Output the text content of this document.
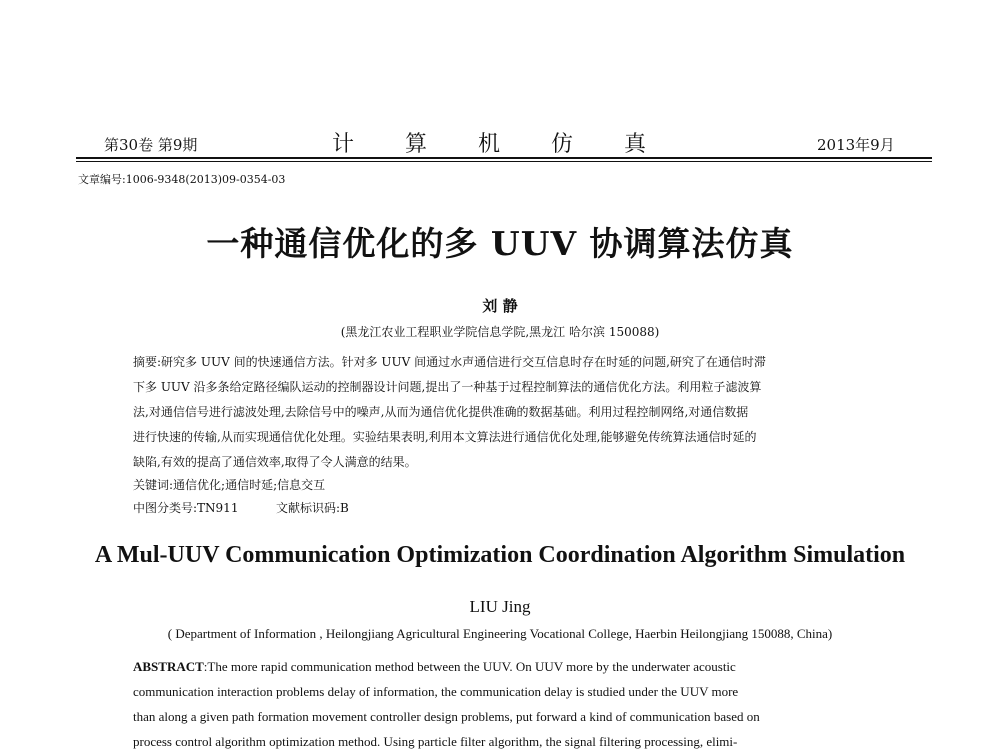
第30卷 第9期	计 算 机 仿 真	2013年9月
文章编号:1006-9348(2013)09-0354-03
一种通信优化的多 UUV 协调算法仿真
刘 静
(黑龙江农业工程职业学院信息学院,黑龙江 哈尔滨 150088)
摘要:研究多 UUV 间的快速通信方法。针对多 UUV 间通过水声通信进行交互信息时存在时延的问题,研究了在通信时滞
下多 UUV 沿多条给定路径编队运动的控制器设计问题,提出了一种基于过程控制算法的通信优化方法。利用粒子滤波算
法,对通信信号进行滤波处理,去除信号中的噪声,从而为通信优化提供准确的数据基础。利用过程控制网络,对通信数据
进行快速的传输,从而实现通信优化处理。实验结果表明,利用本文算法进行通信优化处理,能够避免传统算法通信时延的
缺陷,有效的提高了通信效率,取得了令人满意的结果。
关键词:通信优化;通信时延;信息交互
中图分类号:TN911	文献标识码:B
A Mul-UUV Communication Optimization Coordination Algorithm Simulation
LIU Jing
( Department of Information , Heilongjiang Agricultural Engineering Vocational College, Haerbin Heilongjiang 150088, China)
ABSTRACT:The more rapid communication method between the UUV. On UUV more by the underwater acoustic
communication interaction problems delay of information, the communication delay is studied under the UUV more
than along a given path formation movement controller design problems, put forward a kind of communication based on
process control algorithm optimization method. Using particle filter algorithm, the signal filtering processing, elimi-
